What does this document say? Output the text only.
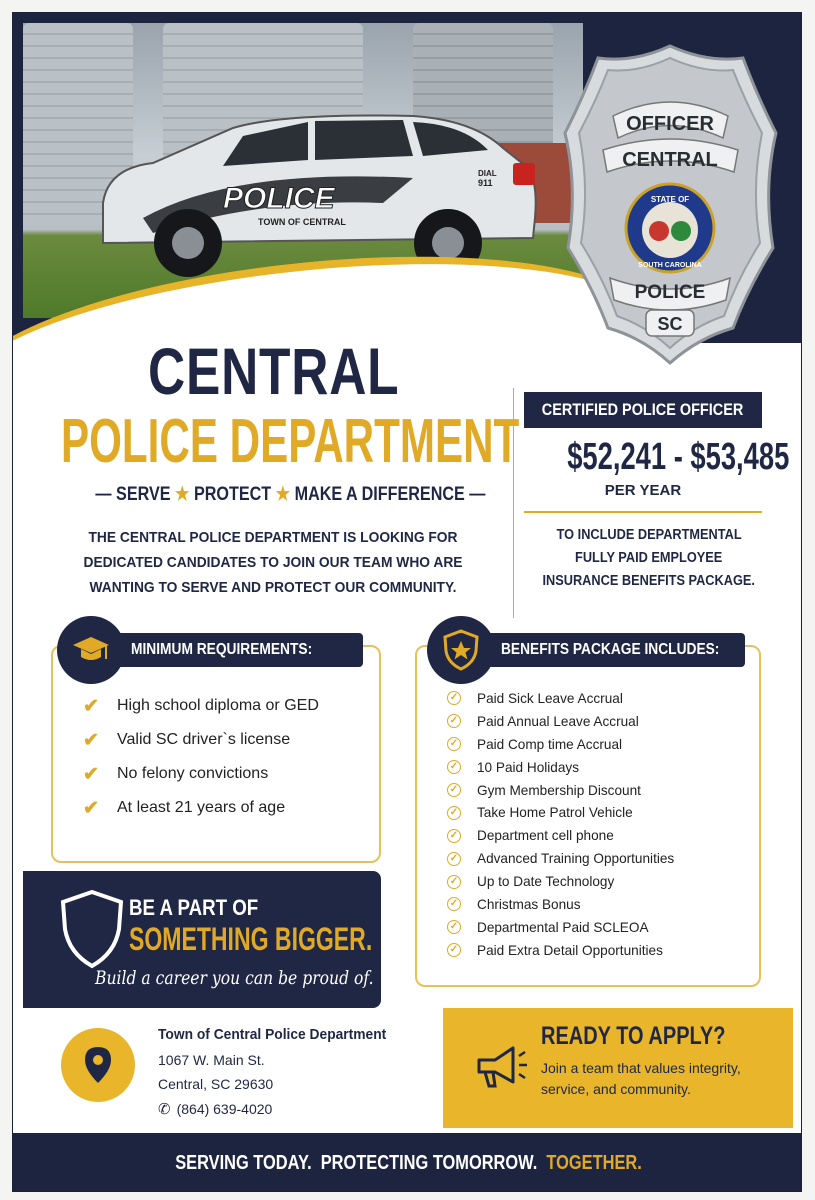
POLICE
TOWN OF CENTRAL
DIAL
911
OFFICER
CENTRAL
STATE OF
SOUTH CAROLINA
POLICE
SC
CENTRAL
POLICE DEPARTMENT
— SERVE ★ PROTECT ★ MAKE A DIFFERENCE —
THE CENTRAL POLICE DEPARTMENT IS LOOKING FOR
DEDICATED CANDIDATES TO JOIN OUR TEAM WHO ARE
WANTING TO SERVE AND PROTECT OUR COMMUNITY.
CERTIFIED POLICE OFFICER
$52,241 - $53,485
PER YEAR
TO INCLUDE DEPARTMENTAL
FULLY PAID EMPLOYEE
INSURANCE BENEFITS PACKAGE.
MINIMUM REQUIREMENTS:
✔	High school diploma or GED
✔	Valid SC driver`s license
✔	No felony convictions
✔	At least 21 years of age
BENEFITS PACKAGE INCLUDES:
✓ Paid Sick Leave Accrual
✓ Paid Annual Leave Accrual
✓ Paid Comp time Accrual
✓ 10 Paid Holidays
✓ Gym Membership Discount
✓ Take Home Patrol Vehicle
✓ Department cell phone
✓ Advanced Training Opportunities
✓ Up to Date Technology
✓ Christmas Bonus
✓ Departmental Paid SCLEOA
✓ Paid Extra Detail Opportunities
BE A PART OF
SOMETHING BIGGER.
Build a career you can be proud of.
Town of Central Police Department
1067 W. Main St.
Central, SC 29630
✆ (864) 639-4020
READY TO APPLY?
Join a team that values integrity, service, and community.
SERVING TODAY. PROTECTING TOMORROW. TOGETHER.
